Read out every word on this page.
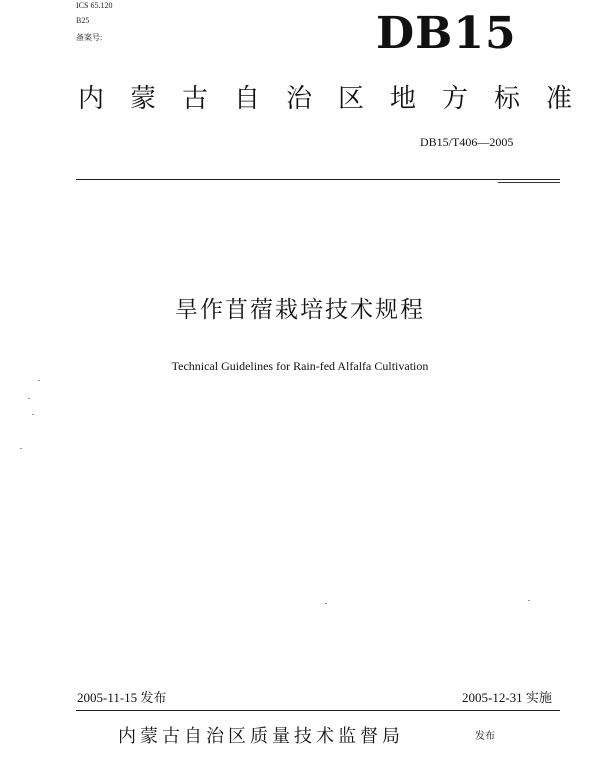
ICS 65.120
B25
备案号:	DB15
内蒙古自治区地方标准
DB15/T406—2005
旱作苜蓿栽培技术规程
Technical Guidelines for Rain-fed Alfalfa Cultivation
2005-11-15 发布	2005-12-31 实施
内蒙古自治区质量技术监督局	发布
